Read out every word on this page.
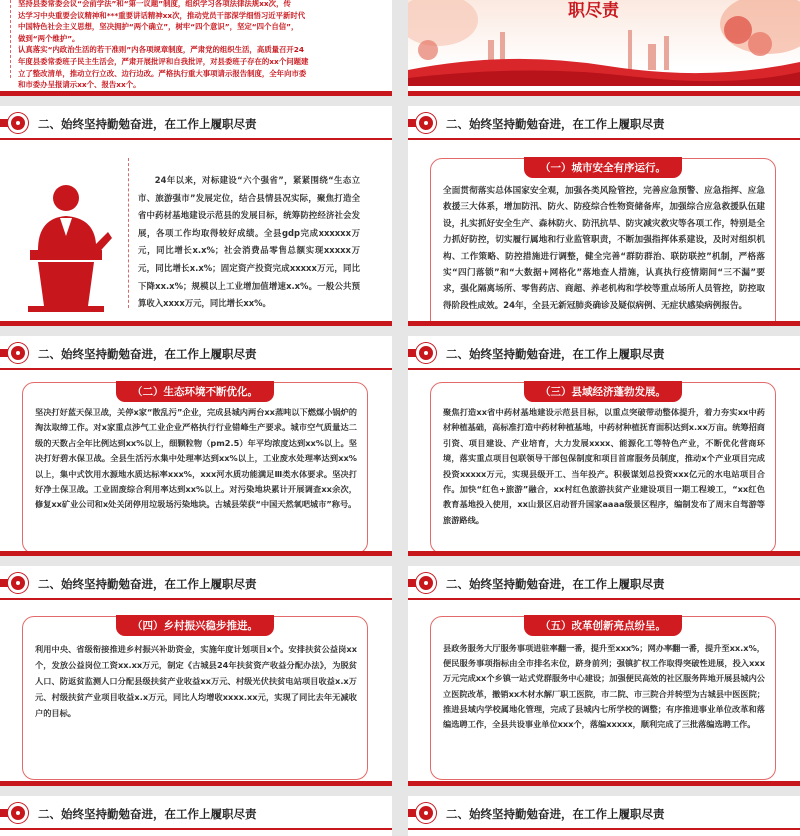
坚持县委常委会议“会前学法”和“第一议题”制度，组织学习各项法律法规xx次，传
达学习中央重要会议精神和***重要讲话精神xx次，推动党员干部深学细悟习近平新时代
中国特色社会主义思想，坚决拥护“两个确立”，树牢“四个意识”，坚定“四个自信”，
做到“两个维护”。
认真落实“内政治生活的若干准则”内各项规章制度，严肃党的组织生活，高质量召开24
年度县委常委班子民主生活会，严肃开展批评和自我批评，对县委班子存在的xx个问题建
立了整改清单，推动立行立改、边行边改。严格执行重大事项请示报告制度，全年向市委
和市委办呈报请示xx个、报告xx个。
职尽责
二、始终坚持勤勉奋进，在工作上履职尽责
24年以来，对标建设“六个强省”，紧紧围绕“生态立市、旅游强市”发展定位，结合县情县况实际，聚焦打造全省中药材基地建设示范县的发展目标，统筹防控经济社会发展，各项工作均取得较好成绩。全县gdp完成xxxxxx万元，同比增长x.x%；社会消费品零售总额实现xxxxx万元，同比增长x.x%；固定资产投资完成xxxxx万元，同比下降xx.x%；规模以上工业增加值增速x.x%。一般公共预算收入xxxx万元，同比增长xx%。
二、始终坚持勤勉奋进，在工作上履职尽责
（一）城市安全有序运行。
全面贯彻落实总体国家安全观，加强各类风险管控，完善应急预警、应急指挥、应急救援三大体系，增加防汛、防火、防疫综合性物资储备库，加强综合应急救援队伍建设，扎实抓好安全生产、森林防火、防汛抗旱、防灾减灾救灾等各项工作，特别是全力抓好防控，切实履行属地和行业监管职责，不断加强指挥体系建设，及时对组织机构、工作策略、防控措施进行调整，健全完善“群防群治、联防联控”机制，严格落实“四门落锁”和“大数据+网格化”落地查人措施，认真执行疫情期间“三不漏”要求，强化隔离场所、零售药店、商超、养老机构和学校等重点场所人员管控，防控取得阶段性成效。24年，全县无新冠肺炎确诊及疑似病例、无症状感染病例报告。
二、始终坚持勤勉奋进，在工作上履职尽责
（二）生态环境不断优化。
坚决打好蓝天保卫战，关停x家“散乱污”企业，完成县城内两台xx蒸吨以下燃煤小锅炉的淘汰取缔工作。对x家重点涉气工业企业严格执行行业错峰生产要求。城市空气质量达二级的天数占全年比例达到xx%以上，细颗粒物（pm2.5）年平均浓度达到xx%以上。坚决打好碧水保卫战。全县生活污水集中处理率达到xx%以上，工业废水处理率达到xx%以上，集中式饮用水源地水质达标率xxx%，xxx河水质功能满足Ⅲ类水体要求。坚决打好净土保卫战。工业固废综合利用率达到xx%以上。对污染地块累计开展调查xx余次，修复xx矿业公司和x处关闭停用垃圾场污染地块。古城县荣获“中国天然氧吧城市”称号。
二、始终坚持勤勉奋进，在工作上履职尽责
（三）县域经济蓬勃发展。
聚焦打造xx省中药材基地建设示范县目标，以重点突破带动整体提升，着力夯实xx中药材种植基础，高标准打造中药材种植基地，中药材种植抚育面积达到x.xx万亩。统筹招商引资、项目建设、产业培育，大力发展xxxx、能源化工等特色产业，不断优化营商环境，落实重点项目包联领导干部包保制度和项目首席服务员制度，推动x个产业项目完成投资xxxxx万元，实现县级开工、当年投产。积极谋划总投资xxx亿元的水电站项目合作。加快“红色+旅游”融合，xx村红色旅游扶贫产业建设项目一期工程竣工，“xx红色教育基地投入使用，xx山景区启动晋升国家aaaa级景区程序，编制发布了周末自驾游等旅游路线。
二、始终坚持勤勉奋进，在工作上履职尽责
（四）乡村振兴稳步推进。
利用中央、省级衔接推进乡村振兴补助资金，实施年度计划项目x个。安排扶贫公益岗xx个，发放公益岗位工资xx.xx万元，制定《古城县24年扶贫资产收益分配办法》，为脱贫人口、防返贫监测人口分配县级扶贫产业收益xx万元、村级光伏扶贫电站项目收益x.x万元、村级扶贫产业项目收益x.x万元，同比人均增收xxxx.xx元，实现了同比去年无减收户的目标。
二、始终坚持勤勉奋进，在工作上履职尽责
（五）改革创新亮点纷呈。
县政务服务大厅服务事项进驻率翻一番，提升至xxx%；网办率翻一番，提升至xx.x%，便民服务事项指标由全市排名末位，跻身前列；强镇扩权工作取得突破性进展，投入xxx万元完成xx个乡镇一站式党群服务中心建设；加强便民高效的社区服务阵地开展县城内公立医院改革，撤销xx木材水解厂职工医院，市二院、市三院合并转型为古城县中医医院；推进县域内学校属地化管理，完成了县城内七所学校的调整；有序推进事业单位改革和落编选聘工作，全县共设事业单位xxx个，落编xxxxx，顺利完成了三批落编选聘工作。
二、始终坚持勤勉奋进，在工作上履职尽责	二、始终坚持勤勉奋进，在工作上履职尽责
